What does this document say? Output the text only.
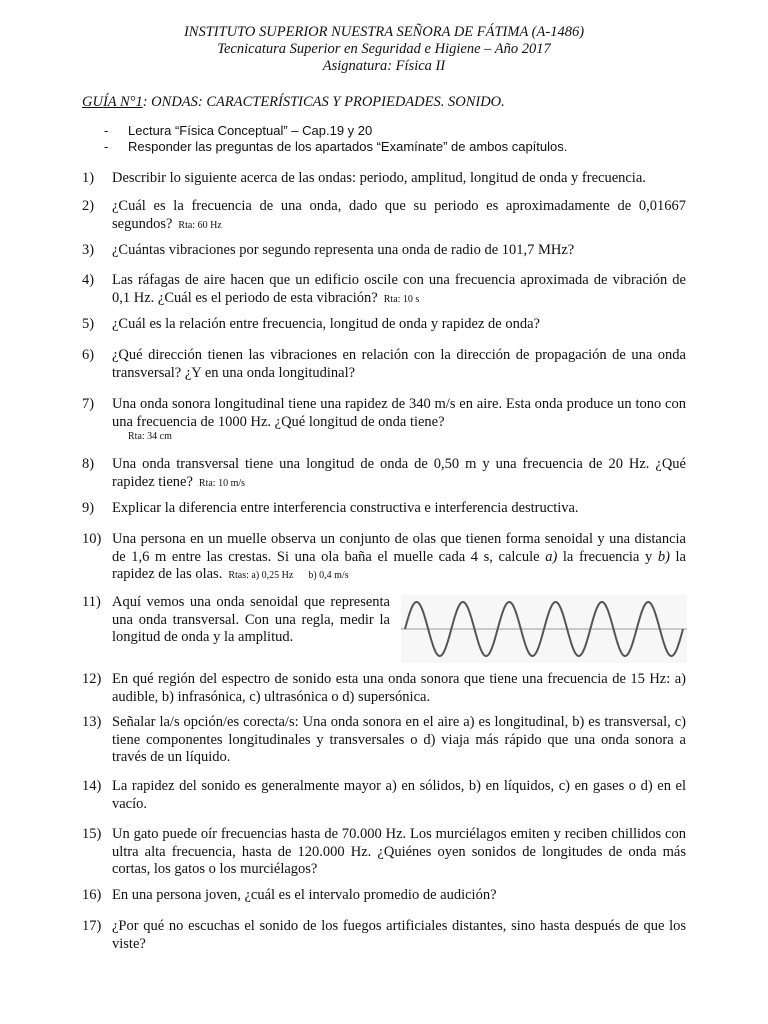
INSTITUTO SUPERIOR NUESTRA SEÑORA DE FÁTIMA (A-1486)
Tecnicatura Superior en Seguridad e Higiene – Año 2017
Asignatura: Física II
GUÍA N°1: ONDAS: CARACTERÍSTICAS Y PROPIEDADES. SONIDO.
- Lectura “Física Conceptual” – Cap.19 y 20
- Responder las preguntas de los apartados “Examínate” de ambos capítulos.
1) Describir lo siguiente acerca de las ondas: periodo, amplitud, longitud de onda y frecuencia.
2) ¿Cuál es la frecuencia de una onda, dado que su periodo es aproximadamente de 0,01667 segundos? Rta: 60 Hz
3) ¿Cuántas vibraciones por segundo representa una onda de radio de 101,7 MHz?
4) Las ráfagas de aire hacen que un edificio oscile con una frecuencia aproximada de vibración de 0,1 Hz. ¿Cuál es el periodo de esta vibración? Rta: 10 s
5) ¿Cuál es la relación entre frecuencia, longitud de onda y rapidez de onda?
6) ¿Qué dirección tienen las vibraciones en relación con la dirección de propagación de una onda transversal? ¿Y en una onda longitudinal?
7) Una onda sonora longitudinal tiene una rapidez de 340 m/s en aire. Esta onda produce un tono con una frecuencia de 1000 Hz. ¿Qué longitud de onda tiene?
Rta: 34 cm
8) Una onda transversal tiene una longitud de onda de 0,50 m y una frecuencia de 20 Hz. ¿Qué rapidez tiene? Rta: 10 m/s
9) Explicar la diferencia entre interferencia constructiva e interferencia destructiva.
10) Una persona en un muelle observa un conjunto de olas que tienen forma senoidal y una distancia de 1,6 m entre las crestas. Si una ola baña el muelle cada 4 s, calcule a) la frecuencia y b) la rapidez de las olas. Rtas: a) 0,25 Hz      b) 0,4 m/s
11) Aquí vemos una onda senoidal que representa una onda transversal. Con una regla, medir la longitud de onda y la amplitud.
12) En qué región del espectro de sonido esta una onda sonora que tiene una frecuencia de 15 Hz: a) audible, b) infrasónica, c) ultrasónica o d) supersónica.
13) Señalar la/s opción/es corecta/s: Una onda sonora en el aire a) es longitudinal, b) es transversal, c) tiene componentes longitudinales y transversales o d) viaja más rápido que una onda sonora a través de un líquido.
14) La rapidez del sonido es generalmente mayor a) en sólidos, b) en líquidos, c) en gases o d) en el vacío.
15) Un gato puede oír frecuencias hasta de 70.000 Hz. Los murciélagos emiten y reciben chillidos con ultra alta frecuencia, hasta de 120.000 Hz. ¿Quiénes oyen sonidos de longitudes de onda más cortas, los gatos o los murciélagos?
16) En una persona joven, ¿cuál es el intervalo promedio de audición?
17) ¿Por qué no escuchas el sonido de los fuegos artificiales distantes, sino hasta después de que los viste?
